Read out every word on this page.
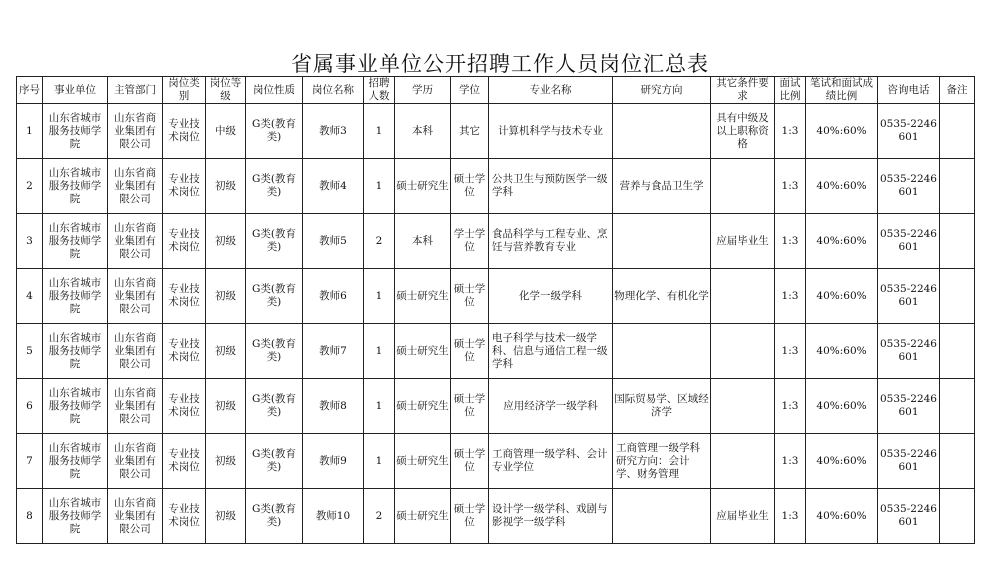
省属事业单位公开招聘工作人员岗位汇总表
序号	事业单位	主管部门	岗位类别	岗位等级	岗位性质	岗位名称	招聘人数	学历	学位	专业名称	研究方向	其它条件要求	面试比例	笔试和面试成绩比例	咨询电话	备注
1	山东省城市服务技师学院	山东省商业集团有限公司	专业技术岗位	中级	G类(教育类)	教师3	1	本科	其它	计算机科学与技术专业		具有中级及以上职称资格	1:3	40%:60%	0535-2246601	
2	山东省城市服务技师学院	山东省商业集团有限公司	专业技术岗位	初级	G类(教育类)	教师4	1	硕士研究生	硕士学位	公共卫生与预防医学一级学科	营养与食品卫生学		1:3	40%:60%	0535-2246601	
3	山东省城市服务技师学院	山东省商业集团有限公司	专业技术岗位	初级	G类(教育类)	教师5	2	本科	学士学位	食品科学与工程专业、烹饪与营养教育专业		应届毕业生	1:3	40%:60%	0535-2246601	
4	山东省城市服务技师学院	山东省商业集团有限公司	专业技术岗位	初级	G类(教育类)	教师6	1	硕士研究生	硕士学位	化学一级学科	物理化学、有机化学		1:3	40%:60%	0535-2246601	
5	山东省城市服务技师学院	山东省商业集团有限公司	专业技术岗位	初级	G类(教育类)	教师7	1	硕士研究生	硕士学位	电子科学与技术一级学科、信息与通信工程一级学科			1:3	40%:60%	0535-2246601	
6	山东省城市服务技师学院	山东省商业集团有限公司	专业技术岗位	初级	G类(教育类)	教师8	1	硕士研究生	硕士学位	应用经济学一级学科	国际贸易学、区域经济学		1:3	40%:60%	0535-2246601	
7	山东省城市服务技师学院	山东省商业集团有限公司	专业技术岗位	初级	G类(教育类)	教师9	1	硕士研究生	硕士学位	工商管理一级学科、会计专业学位	工商管理一级学科研究方向：会计学、财务管理		1:3	40%:60%	0535-2246601	
8	山东省城市服务技师学院	山东省商业集团有限公司	专业技术岗位	初级	G类(教育类)	教师10	2	硕士研究生	硕士学位	设计学一级学科、戏剧与影视学一级学科		应届毕业生	1:3	40%:60%	0535-2246601	
